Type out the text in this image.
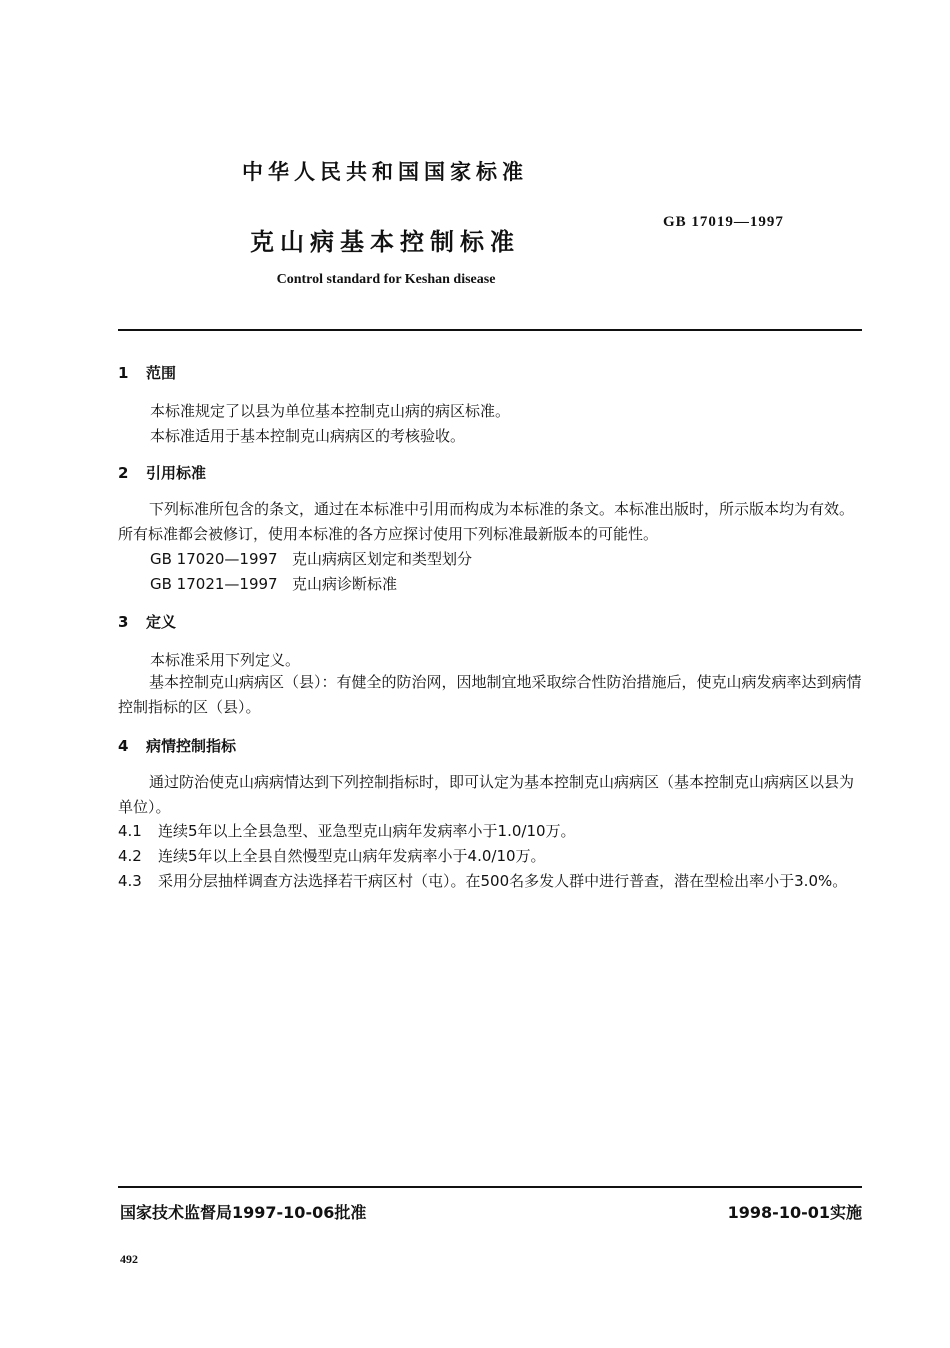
中华人民共和国国家标准
克山病基本控制标准
GB 17019—1997
Control standard for Keshan disease
1 范围
本标准规定了以县为单位基本控制克山病的病区标准。
本标准适用于基本控制克山病病区的考核验收。
2 引用标准
下列标准所包含的条文，通过在本标准中引用而构成为本标准的条文。本标准出版时，所示版本均为有效。所有标准都会被修订，使用本标准的各方应探讨使用下列标准最新版本的可能性。
GB 17020—1997 克山病病区划定和类型划分
GB 17021—1997 克山病诊断标准
3 定义
本标准采用下列定义。
基本控制克山病病区（县）：有健全的防治网，因地制宜地采取综合性防治措施后，使克山病发病率达到病情控制指标的区（县）。
4 病情控制指标
通过防治使克山病病情达到下列控制指标时，即可认定为基本控制克山病病区（基本控制克山病病区以县为单位）。
4.1 连续5年以上全县急型、亚急型克山病年发病率小于1.0/10万。
4.2 连续5年以上全县自然慢型克山病年发病率小于4.0/10万。
4.3 采用分层抽样调查方法选择若干病区村（屯）。在500名多发人群中进行普查，潜在型检出率小于3.0%。
国家技术监督局1997-10-06批准	1998-10-01实施
492
